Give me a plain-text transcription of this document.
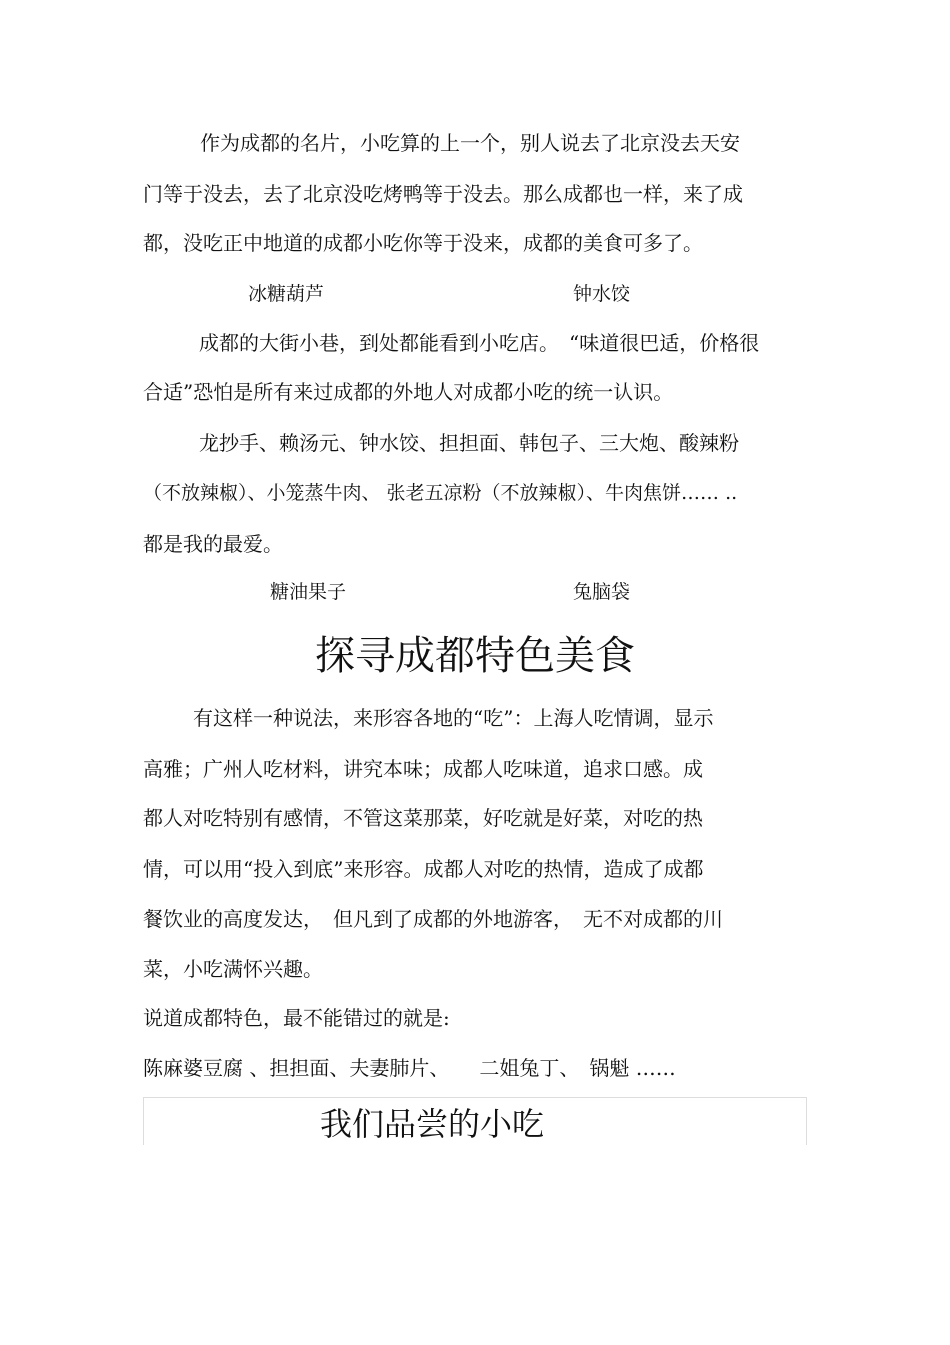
作为成都的名片，小吃算的上一个，别人说去了北京没去天安
门等于没去，去了北京没吃烤鸭等于没去。那么成都也一样，来了成
都，没吃正中地道的成都小吃你等于没来，成都的美食可多了。
冰糖葫芦	钟水饺
成都的大街小巷，到处都能看到小吃店。　“味道很巴适，价格很
合适”恐怕是所有来过成都的外地人对成都小吃的统一认识。
龙抄手、赖汤元、钟水饺、担担面、韩包子、三大炮、酸辣粉
（不放辣椒）、小笼蒸牛肉、 张老五凉粉（不放辣椒）、牛肉焦饼…… ..
都是我的最爱。
糖油果子	兔脑袋
探寻成都特色美食
有这样一种说法，来形容各地的“吃”：上海人吃情调，显示
高雅；广州人吃材料，讲究本味；成都人吃味道，追求口感。成
都人对吃特别有感情，不管这菜那菜，好吃就是好菜，对吃的热
情，可以用“投入到底”来形容。成都人对吃的热情，造成了成都
餐饮业的高度发达，　但凡到了成都的外地游客，　无不对成都的川
菜，小吃满怀兴趣。
说道成都特色，最不能错过的就是:
陈麻婆豆腐 、担担面、夫妻肺片、　　二姐兔丁、　锅魁 ……
我们品尝的小吃
